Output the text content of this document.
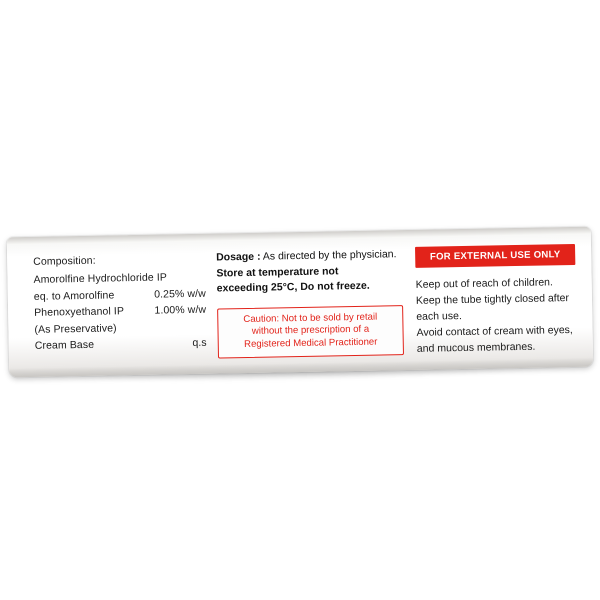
Composition:
Amorolfine Hydrochloride IP
eq. to Amorolfine	0.25% w/w
Phenoxyethanol IP	1.00% w/w
(As Preservative)
Cream Base	q.s
Dosage : As directed by the physician.
Store at temperature not
exceeding 25°C, Do not freeze.
Caution: Not to be sold by retail
without the prescription of a
Registered Medical Practitioner
FOR EXTERNAL USE ONLY
Keep out of reach of children.
Keep the tube tightly closed after
each use.
Avoid contact of cream with eyes,
and mucous membranes.
